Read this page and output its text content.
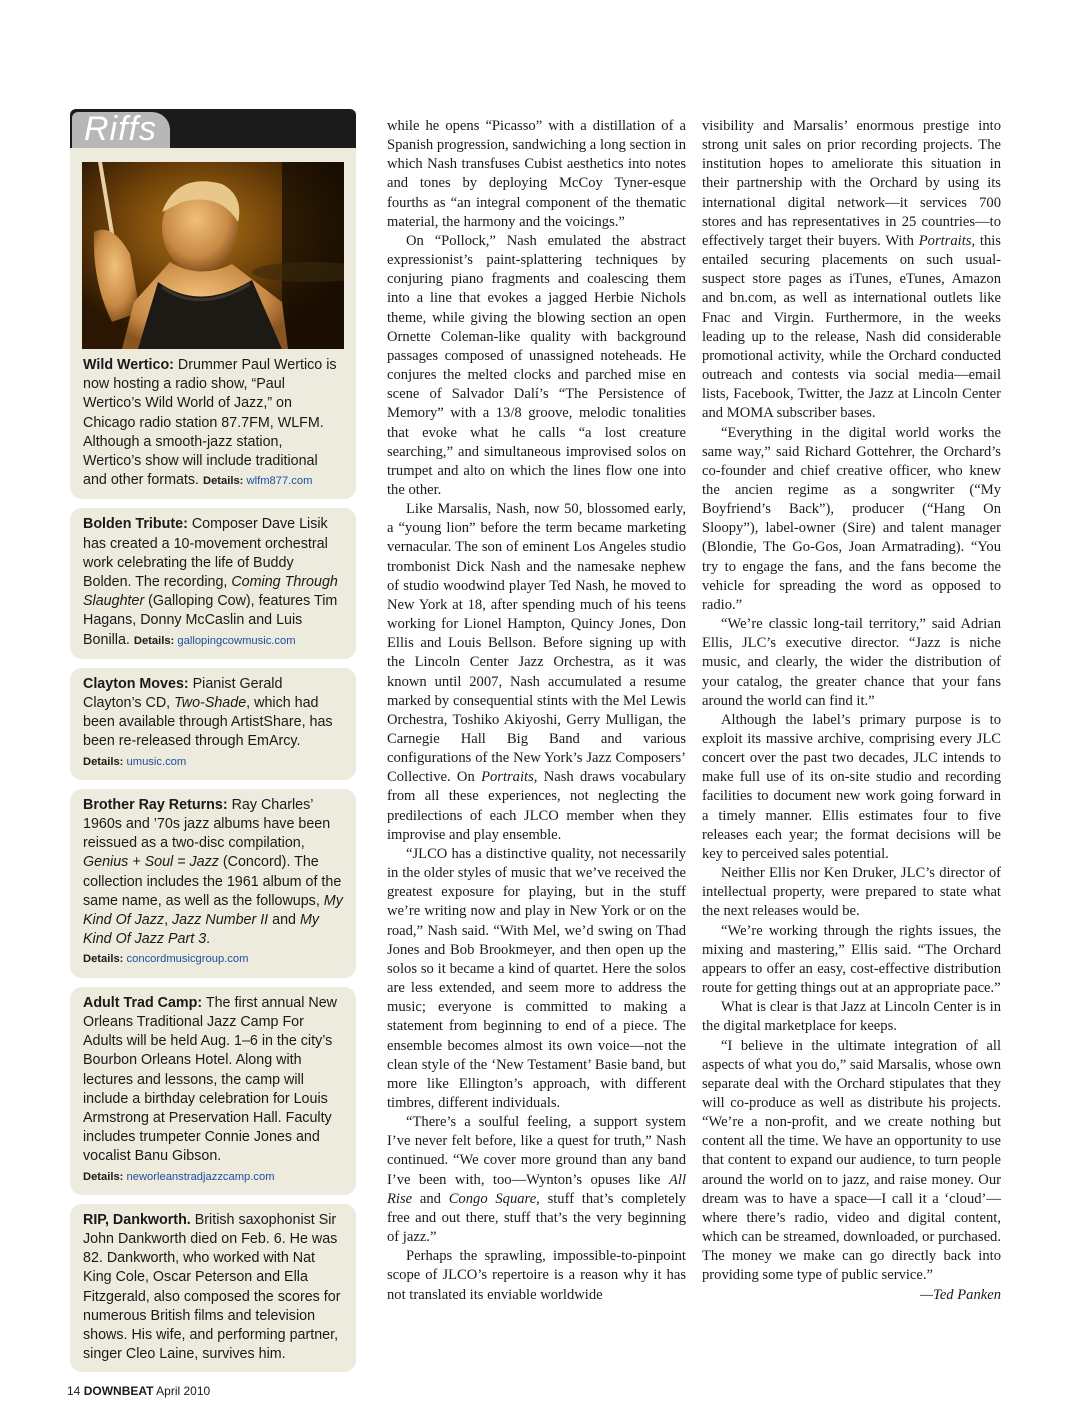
Riffs
Wild Wertico: Drummer Paul Wertico is now hosting a radio show, “Paul Wertico’s Wild World of Jazz,” on Chicago radio station 87.7FM, WLFM. Although a smooth-jazz station, Wertico’s show will include traditional and other formats. Details: wlfm877.com
Bolden Tribute: Composer Dave Lisik has created a 10-movement orchestral work celebrating the life of Buddy Bolden. The recording, Coming Through Slaughter (Galloping Cow), features Tim Hagans, Donny McCaslin and Luis Bonilla. Details: gallopingcowmusic.com
Clayton Moves: Pianist Gerald Clayton’s CD, Two-Shade, which had been available through ArtistShare, has been re-released through EmArcy.
Details: umusic.com
Brother Ray Returns: Ray Charles’ 1960s and ’70s jazz albums have been reissued as a two-disc compilation, Genius + Soul = Jazz (Concord). The collection includes the 1961 album of the same name, as well as the followups, My Kind Of Jazz, Jazz Number II and My Kind Of Jazz Part 3.
Details: concordmusicgroup.com
Adult Trad Camp: The first annual New Orleans Traditional Jazz Camp For Adults will be held Aug. 1–6 in the city’s Bourbon Orleans Hotel. Along with lectures and lessons, the camp will include a birthday celebration for Louis Armstrong at Preservation Hall. Faculty includes trumpeter Connie Jones and vocalist Banu Gibson.
Details: neworleanstradjazzcamp.com
RIP, Dankworth. British saxophonist Sir John Dankworth died on Feb. 6. He was 82. Dankworth, who worked with Nat King Cole, Oscar Peterson and Ella Fitzgerald, also composed the scores for numerous British films and television shows. His wife, and performing partner, singer Cleo Laine, survives him.

while he opens “Picasso” with a distillation of a Spanish progression, sandwiching a long section in which Nash transfuses Cubist aesthetics into notes and tones by deploying McCoy Tyner-esque fourths as “an integral component of the thematic material, the harmony and the voicings.”

On “Pollock,” Nash emulated the abstract expressionist’s paint-splattering techniques by conjuring piano fragments and coalescing them into a line that evokes a jagged Herbie Nichols theme, while giving the blowing section an open Ornette Coleman-like quality with background passages composed of unassigned noteheads. He conjures the melted clocks and parched mise en scene of Salvador Dalí’s “The Persistence of Memory” with a 13/8 groove, melodic tonalities that evoke what he calls “a lost creature searching,” and simultaneous improvised solos on trumpet and alto on which the lines flow one into the other.

Like Marsalis, Nash, now 50, blossomed early, a “young lion” before the term became marketing vernacular. The son of eminent Los Angeles studio trombonist Dick Nash and the namesake nephew of studio woodwind player Ted Nash, he moved to New York at 18, after spending much of his teens working for Lionel Hampton, Quincy Jones, Don Ellis and Louis Bellson. Before signing up with the Lincoln Center Jazz Orchestra, as it was known until 2007, Nash accumulated a resume marked by consequential stints with the Mel Lewis Orchestra, Toshiko Akiyoshi, Gerry Mulligan, the Carnegie Hall Big Band and various configurations of the New York’s Jazz Composers’ Collective. On Portraits, Nash draws vocabulary from all these experiences, not neglecting the predilections of each JLCO member when they improvise and play ensemble.

“JLCO has a distinctive quality, not necessarily in the older styles of music that we’ve received the greatest exposure for playing, but in the stuff we’re writing now and play in New York or on the road,” Nash said. “With Mel, we’d swing on Thad Jones and Bob Brookmeyer, and then open up the solos so it became a kind of quartet. Here the solos are less extended, and seem more to address the music; everyone is committed to making a statement from beginning to end of a piece. The ensemble becomes almost its own voice—not the clean style of the ‘New Testament’ Basie band, but more like Ellington’s approach, with different timbres, different individuals.

“There’s a soulful feeling, a support system I’ve never felt before, like a quest for truth,” Nash continued. “We cover more ground than any band I’ve been with, too—Wynton’s opuses like All Rise and Congo Square, stuff that’s completely free and out there, stuff that’s the very beginning of jazz.”

Perhaps the sprawling, impossible-to-pinpoint scope of JLCO’s repertoire is a reason why it has not translated its enviable worldwide

visibility and Marsalis’ enormous prestige into strong unit sales on prior recording projects. The institution hopes to ameliorate this situation in their partnership with the Orchard by using its international digital network—it services 700 stores and has representatives in 25 countries—to effectively target their buyers. With Portraits, this entailed securing placements on such usual-suspect store pages as iTunes, eTunes, Amazon and bn.com, as well as international outlets like Fnac and Virgin. Furthermore, in the weeks leading up to the release, Nash did considerable promotional activity, while the Orchard conducted outreach and contests via social media—email lists, Facebook, Twitter, the Jazz at Lincoln Center and MOMA subscriber bases.

“Everything in the digital world works the same way,” said Richard Gottehrer, the Orchard’s co-founder and chief creative officer, who knew the ancien regime as a songwriter (“My Boyfriend’s Back”), producer (“Hang On Sloopy”), label-owner (Sire) and talent manager (Blondie, The Go-Gos, Joan Armatrading). “You try to engage the fans, and the fans become the vehicle for spreading the word as opposed to radio.”

“We’re classic long-tail territory,” said Adrian Ellis, JLC’s executive director. “Jazz is niche music, and clearly, the wider the distribution of your catalog, the greater chance that your fans around the world can find it.”

Although the label’s primary purpose is to exploit its massive archive, comprising every JLC concert over the past two decades, JLC intends to make full use of its on-site studio and recording facilities to document new work going forward in a timely manner. Ellis estimates four to five releases each year; the format decisions will be key to perceived sales potential.

Neither Ellis nor Ken Druker, JLC’s director of intellectual property, were prepared to state what the next releases would be.

“We’re working through the rights issues, the mixing and mastering,” Ellis said. “The Orchard appears to offer an easy, cost-effective distribution route for getting things out at an appropriate pace.”

What is clear is that Jazz at Lincoln Center is in the digital marketplace for keeps.

“I believe in the ultimate integration of all aspects of what you do,” said Marsalis, whose own separate deal with the Orchard stipulates that they will co-produce as well as distribute his projects. “We’re a non-profit, and we create nothing but content all the time. We have an opportunity to use that content to expand our audience, to turn people around the world on to jazz, and raise money. Our dream was to have a space—I call it a ‘cloud’—where there’s radio, video and digital content, which can be streamed, downloaded, or purchased. The money we make can go directly back into providing some type of public service.”

—Ted Panken

14 DOWNBEAT April 2010
